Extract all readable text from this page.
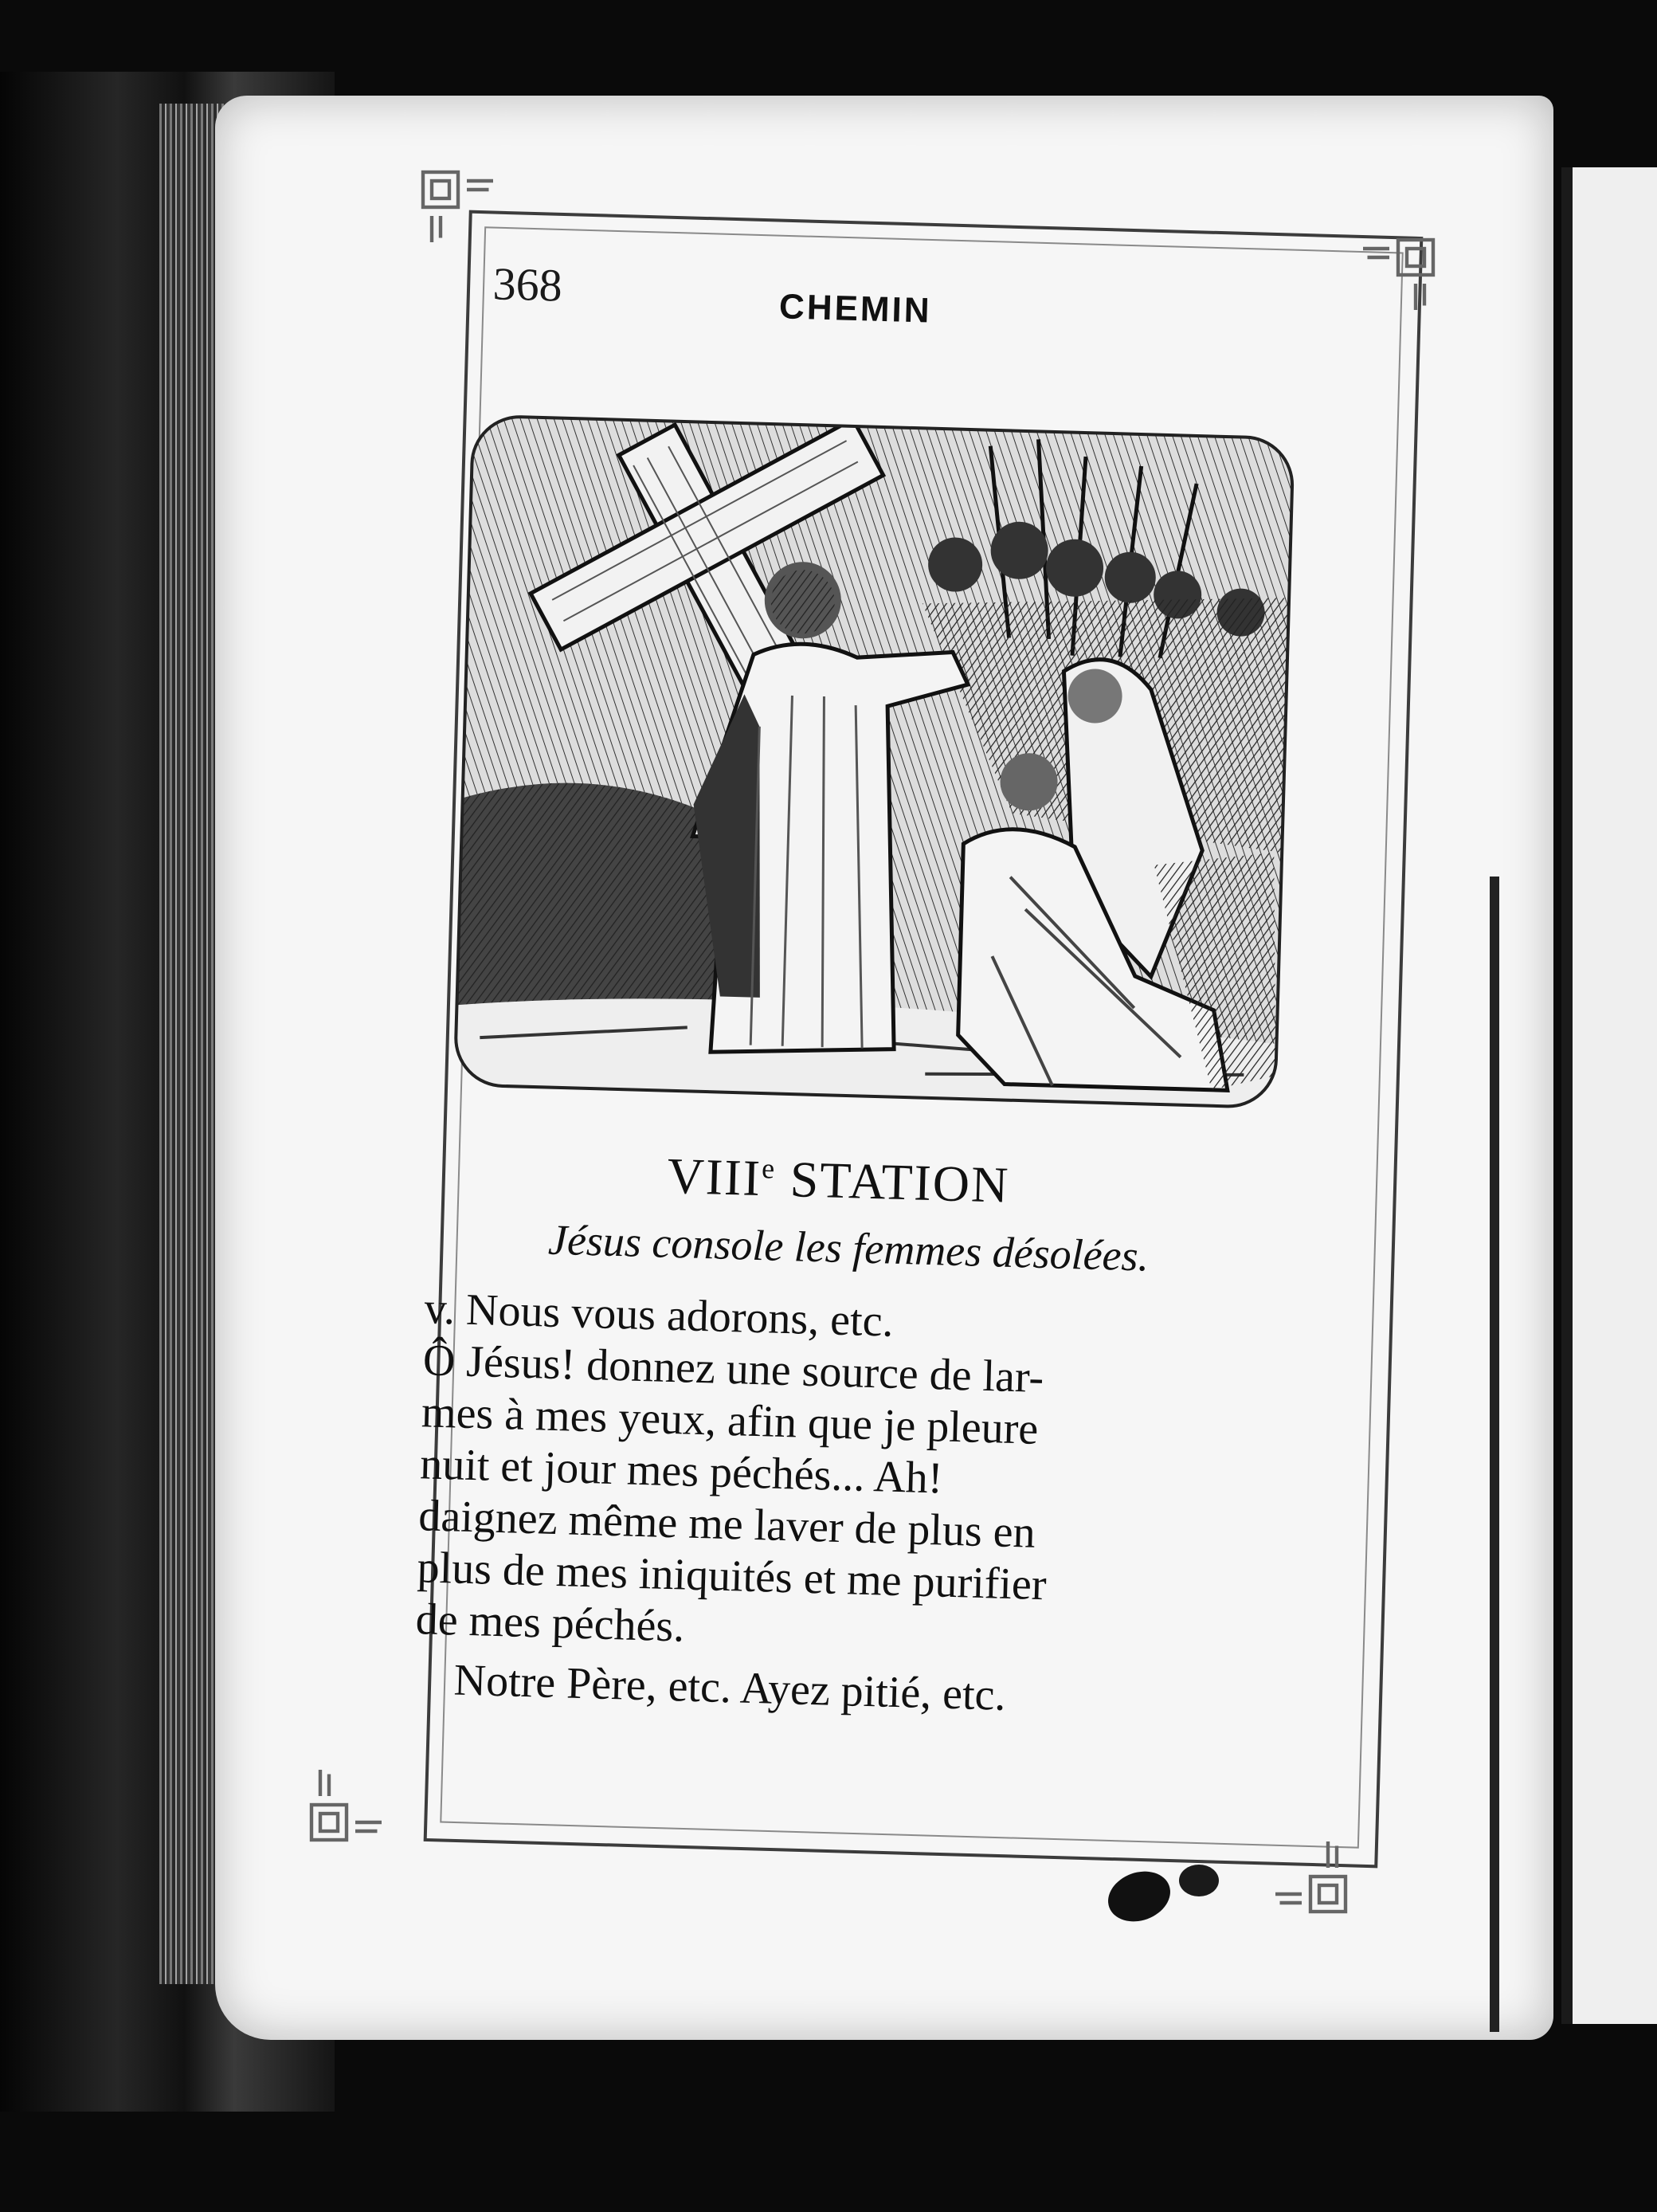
368	CHEMIN

VIIIe STATION

Jésus console les femmes désolées.

v. Nous vous adorons, etc.

Ô Jésus! donnez une source de lar-

mes à mes yeux, afin que je pleure

nuit et jour mes péchés... Ah!

daignez même me laver de plus en

plus de mes iniquités et me purifier

de mes péchés.

Notre Père, etc. Ayez pitié, etc.
